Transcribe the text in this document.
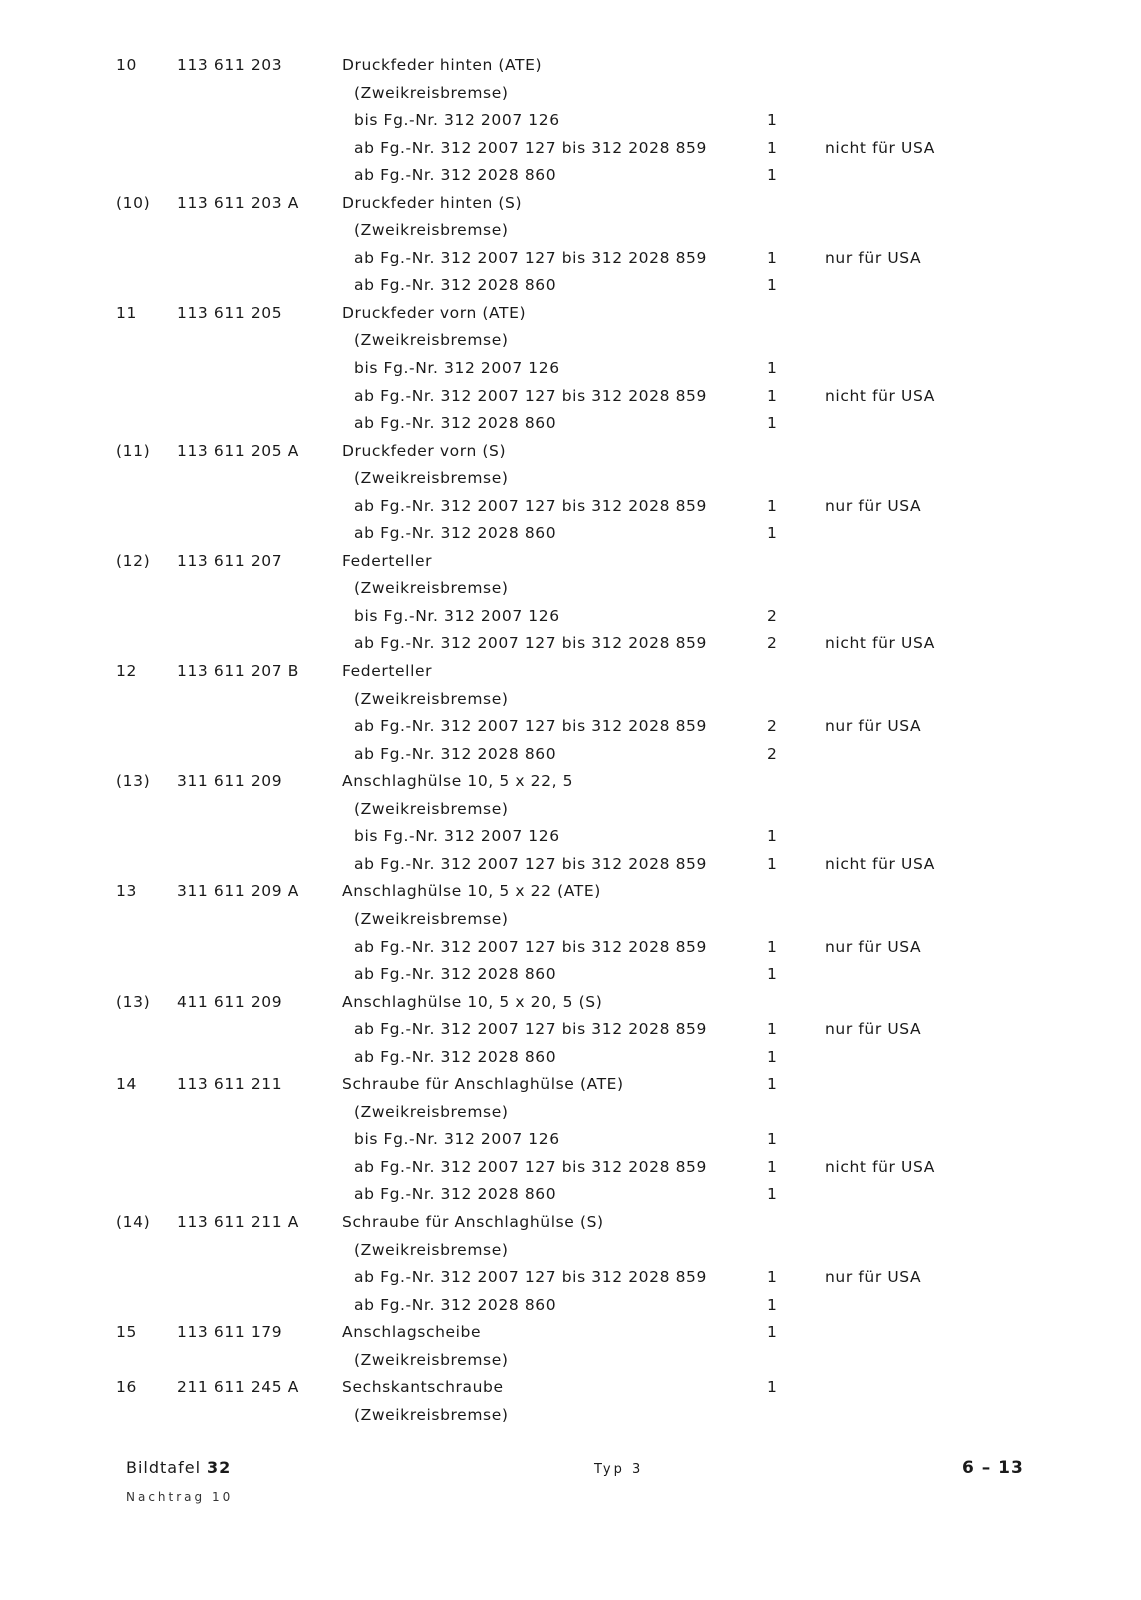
10	113 611 203	Druckfeder hinten (ATE)
(Zweikreisbremse)
bis Fg.-Nr. 312 2007 126	1
ab Fg.-Nr. 312 2007 127 bis 312 2028 859	1	nicht für USA
ab Fg.-Nr. 312 2028 860	1
(10)	113 611 203 A	Druckfeder hinten (S)
(Zweikreisbremse)
ab Fg.-Nr. 312 2007 127 bis 312 2028 859	1	nur für USA
ab Fg.-Nr. 312 2028 860	1
11	113 611 205	Druckfeder vorn (ATE)
(Zweikreisbremse)
bis Fg.-Nr. 312 2007 126	1
ab Fg.-Nr. 312 2007 127 bis 312 2028 859	1	nicht für USA
ab Fg.-Nr. 312 2028 860	1
(11)	113 611 205 A	Druckfeder vorn (S)
(Zweikreisbremse)
ab Fg.-Nr. 312 2007 127 bis 312 2028 859	1	nur für USA
ab Fg.-Nr. 312 2028 860	1
(12)	113 611 207	Federteller
(Zweikreisbremse)
bis Fg.-Nr. 312 2007 126	2
ab Fg.-Nr. 312 2007 127 bis 312 2028 859	2	nicht für USA
12	113 611 207 B	Federteller
(Zweikreisbremse)
ab Fg.-Nr. 312 2007 127 bis 312 2028 859	2	nur für USA
ab Fg.-Nr. 312 2028 860	2
(13)	311 611 209	Anschlaghülse 10, 5 x 22, 5
(Zweikreisbremse)
bis Fg.-Nr. 312 2007 126	1
ab Fg.-Nr. 312 2007 127 bis 312 2028 859	1	nicht für USA
13	311 611 209 A	Anschlaghülse 10, 5 x 22 (ATE)
(Zweikreisbremse)
ab Fg.-Nr. 312 2007 127 bis 312 2028 859	1	nur für USA
ab Fg.-Nr. 312 2028 860	1
(13)	411 611 209	Anschlaghülse 10, 5 x 20, 5 (S)
ab Fg.-Nr. 312 2007 127 bis 312 2028 859	1	nur für USA
ab Fg.-Nr. 312 2028 860	1
14	113 611 211	Schraube für Anschlaghülse (ATE)	1
(Zweikreisbremse)
bis Fg.-Nr. 312 2007 126	1
ab Fg.-Nr. 312 2007 127 bis 312 2028 859	1	nicht für USA
ab Fg.-Nr. 312 2028 860	1
(14)	113 611 211 A	Schraube für Anschlaghülse (S)
(Zweikreisbremse)
ab Fg.-Nr. 312 2007 127 bis 312 2028 859	1	nur für USA
ab Fg.-Nr. 312 2028 860	1
15	113 611 179	Anschlagscheibe	1
(Zweikreisbremse)
16	211 611 245 A	Sechskantschraube	1
(Zweikreisbremse)
Bildtafel 32	Typ 3	6 – 13
Nachtrag 10
